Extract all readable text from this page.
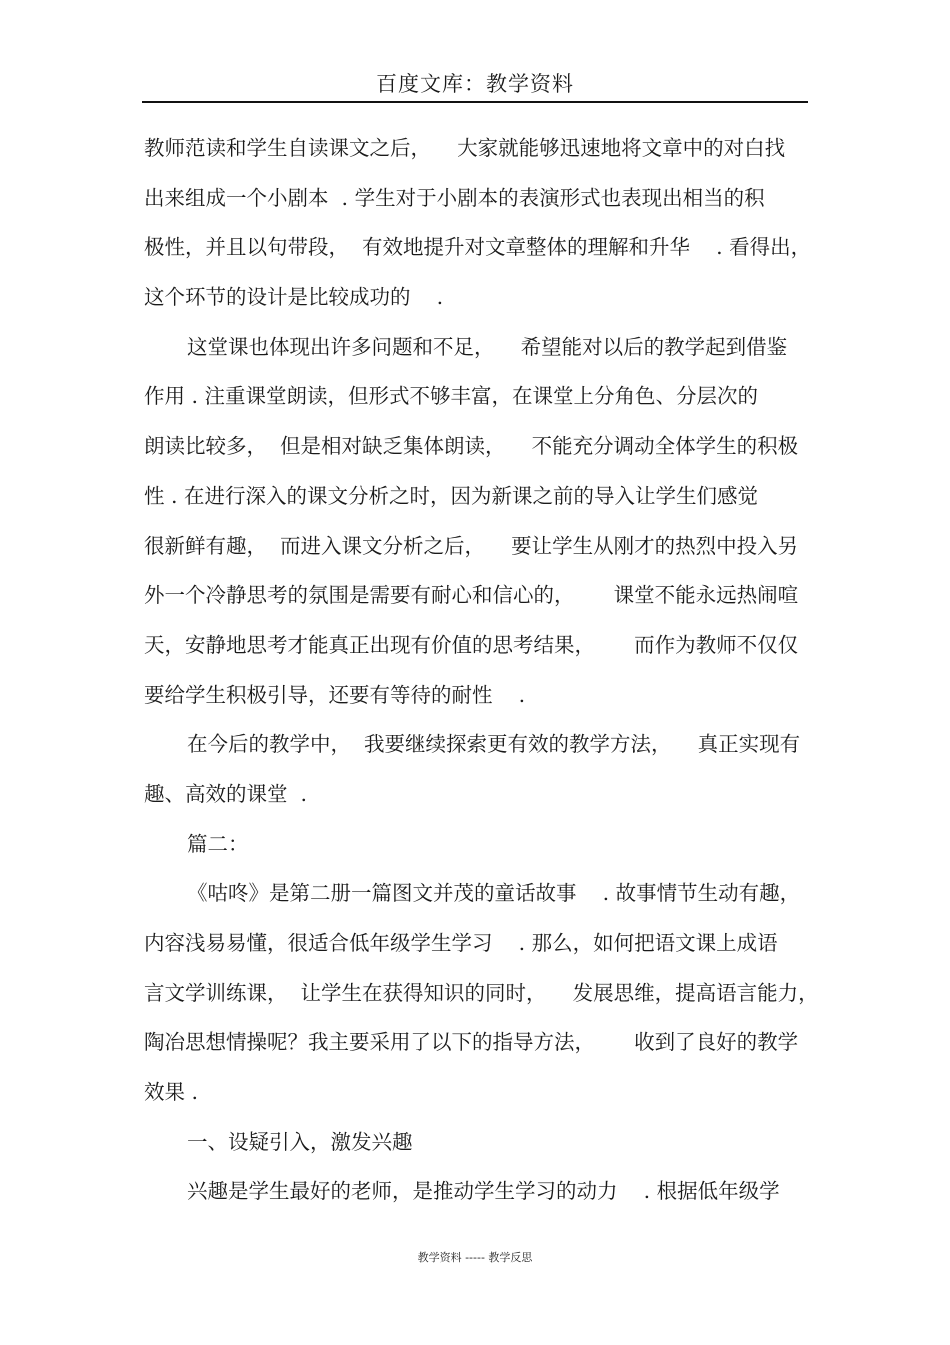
百度文库：教学资料
教师范读和学生自读课文之后，    大家就能够迅速地将文章中的对白找
出来组成一个小剧本  . 学生对于小剧本的表演形式也表现出相当的积
极性，并且以句带段，  有效地提升对文章整体的理解和升华    . 看得出，
这个环节的设计是比较成功的    .
这堂课也体现出许多问题和不足，    希望能对以后的教学起到借鉴
作用 . 注重课堂朗读，但形式不够丰富，在课堂上分角色、分层次的
朗读比较多，  但是相对缺乏集体朗读，    不能充分调动全体学生的积极
性 . 在进行深入的课文分析之时，因为新课之前的导入让学生们感觉
很新鲜有趣，  而进入课文分析之后，    要让学生从刚才的热烈中投入另
外一个冷静思考的氛围是需要有耐心和信心的，      课堂不能永远热闹喧
天，安静地思考才能真正出现有价值的思考结果，      而作为教师不仅仅
要给学生积极引导，还要有等待的耐性    .
在今后的教学中，  我要继续探索更有效的教学方法，    真正实现有
趣、高效的课堂  .
篇二：
《咕咚》是第二册一篇图文并茂的童话故事    . 故事情节生动有趣，
内容浅易易懂，很适合低年级学生学习    . 那么，如何把语文课上成语
言文学训练课，  让学生在获得知识的同时，    发展思维，提高语言能力，
陶冶思想情操呢？我主要采用了以下的指导方法，      收到了良好的教学
效果 .
一、设疑引入，激发兴趣
兴趣是学生最好的老师，是推动学生学习的动力    . 根据低年级学
教学资料 ----- 教学反思
